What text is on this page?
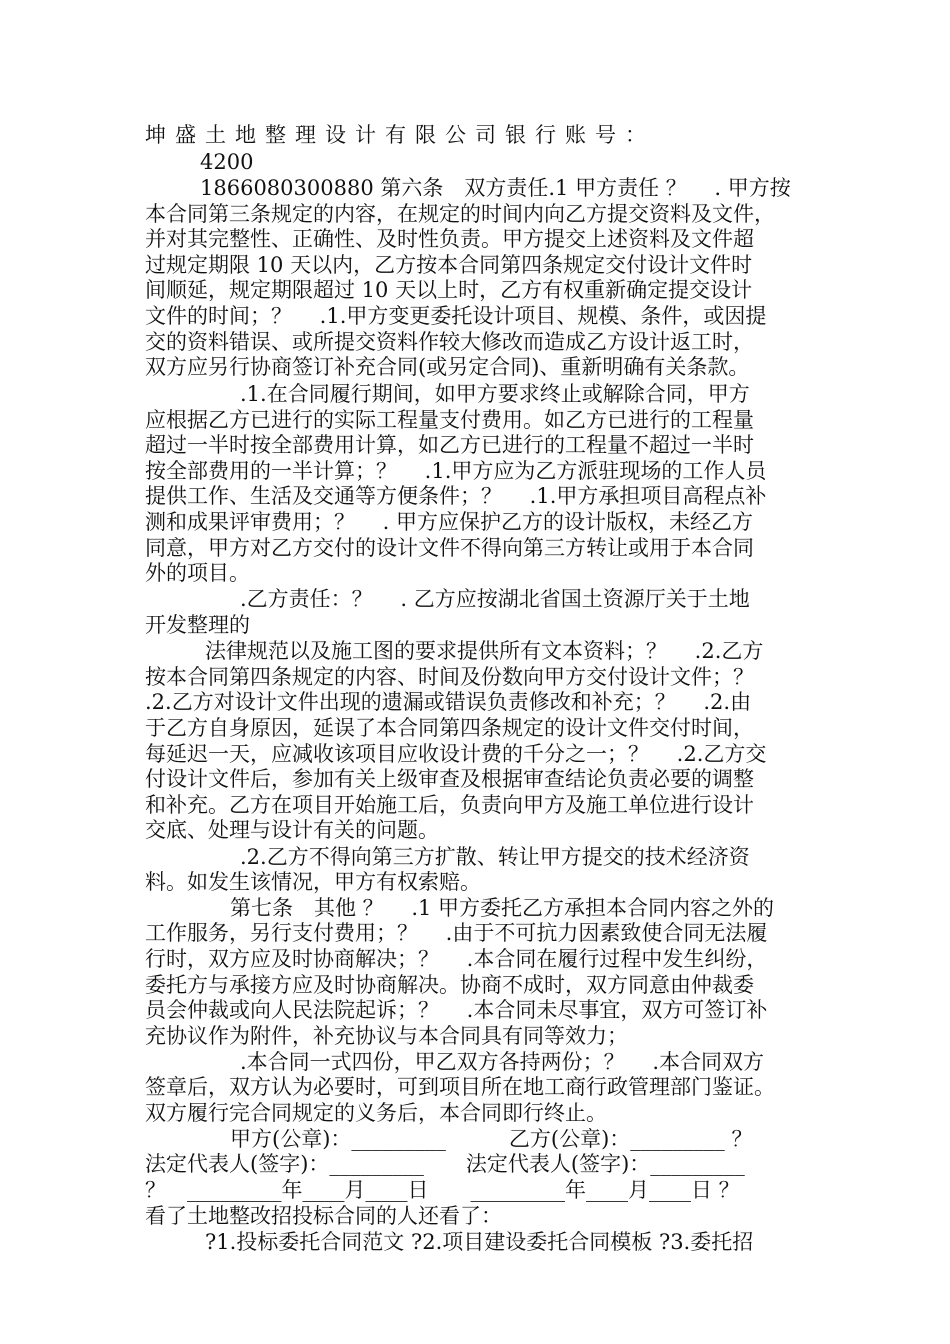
坤盛土地整理设计有限公司银行账号：
4200
1866080300880 第六条　双方责任.1 甲方责任 ？　 . 甲方按
本合同第三条规定的内容，在规定的时间内向乙方提交资料及文件，
并对其完整性、正确性、及时性负责。甲方提交上述资料及文件超
过规定期限 10 天以内，乙方按本合同第四条规定交付设计文件时
间顺延，规定期限超过 10 天以上时，乙方有权重新确定提交设计
文件的时间；？　 .1.甲方变更委托设计项目、规模、条件，或因提
交的资料错误、或所提交资料作较大修改而造成乙方设计返工时，
双方应另行协商签订补充合同(或另定合同)、重新明确有关条款。
.1.在合同履行期间，如甲方要求终止或解除合同，甲方
应根据乙方已进行的实际工程量支付费用。如乙方已进行的工程量
超过一半时按全部费用计算，如乙方已进行的工程量不超过一半时
按全部费用的一半计算；？　 .1.甲方应为乙方派驻现场的工作人员
提供工作、生活及交通等方便条件；？　 .1.甲方承担项目高程点补
测和成果评审费用；？　 . 甲方应保护乙方的设计版权，未经乙方
同意，甲方对乙方交付的设计文件不得向第三方转让或用于本合同
外的项目。
.乙方责任：？　 . 乙方应按湖北省国土资源厅关于土地
开发整理的
法律规范以及施工图的要求提供所有文本资料；？　 .2.乙方
按本合同第四条规定的内容、时间及份数向甲方交付设计文件；？
.2.乙方对设计文件出现的遗漏或错误负责修改和补充；？　 .2.由
于乙方自身原因，延误了本合同第四条规定的设计文件交付时间，
每延迟一天，应减收该项目应收设计费的千分之一；？　 .2.乙方交
付设计文件后，参加有关上级审查及根据审查结论负责必要的调整
和补充。乙方在项目开始施工后，负责向甲方及施工单位进行设计
交底、处理与设计有关的问题。
.2.乙方不得向第三方扩散、转让甲方提交的技术经济资
料。如发生该情况，甲方有权索赔。
第七条　其他 ？　 .1 甲方委托乙方承担本合同内容之外的
工作服务，另行支付费用；？　 .由于不可抗力因素致使合同无法履
行时，双方应及时协商解决；？　 .本合同在履行过程中发生纠纷，
委托方与承接方应及时协商解决。协商不成时，双方同意由仲裁委
员会仲裁或向人民法院起诉；？　 .本合同未尽事宜，双方可签订补
充协议作为附件，补充协议与本合同具有同等效力；
.本合同一式四份，甲乙双方各持两份；？　 .本合同双方
签章后，双方认为必要时，可到项目所在地工商行政管理部门鉴证。
双方履行完合同规定的义务后，本合同即行终止。
甲方(公章)：_________　　　乙方(公章)：_________ ？
法定代表人(签字)：_________　　法定代表人(签字)：_________
？　_________年____月____日　　_________年____月____日 ？
看了土地整改招投标合同的人还看了：
?1.投标委托合同范文 ?2.项目建设委托合同模板 ?3.委托招
